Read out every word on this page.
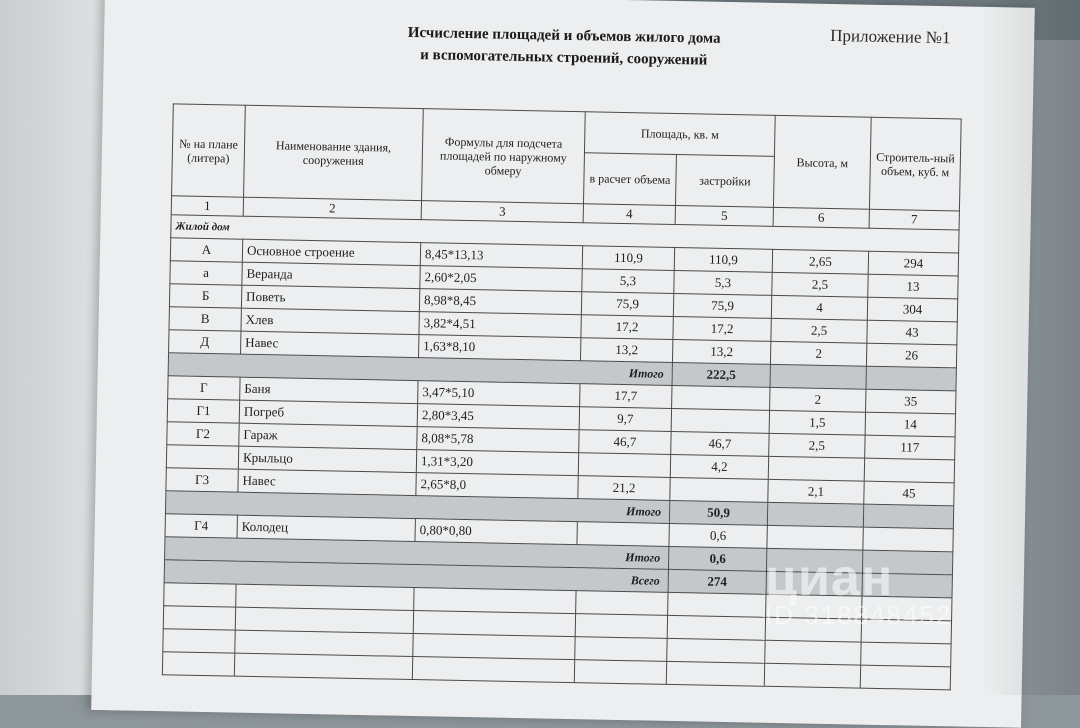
Приложение №1
Исчисление площадей и объемов жилого дома
и вспомогательных строений, сооружений
№ на плане (литера)	Наименование здания, сооружения	Формулы для подсчета площадей по наружному обмеру	Площадь, кв. м		Высота, м	Строитель-ный объем, куб. м
			в расчет объема	застройки		
1	2	3	4	5	6	7
Жилой дом						
А	Основное строение	8,45*13,13	110,9	110,9	2,65	294
а	Веранда	2,60*2,05	5,3	5,3	2,5	13
Б	Поветь	8,98*8,45	75,9	75,9	4	304
В	Хлев	3,82*4,51	17,2	17,2	2,5	43
Д	Навес	1,63*8,10	13,2	13,2	2	26
Итого				222,5		
Г	Баня	3,47*5,10	17,7		2	35
Г1	Погреб	2,80*3,45	9,7		1,5	14
Г2	Гараж	8,08*5,78	46,7	46,7	2,5	117
	Крыльцо	1,31*3,20		4,2		
Г3	Навес	2,65*8,0	21,2		2,1	45
Итого				50,9		
Г4	Колодец	0,80*0,80		0,6		
Итого				0,6		
Всего				274		

						циан
ID 318848452
